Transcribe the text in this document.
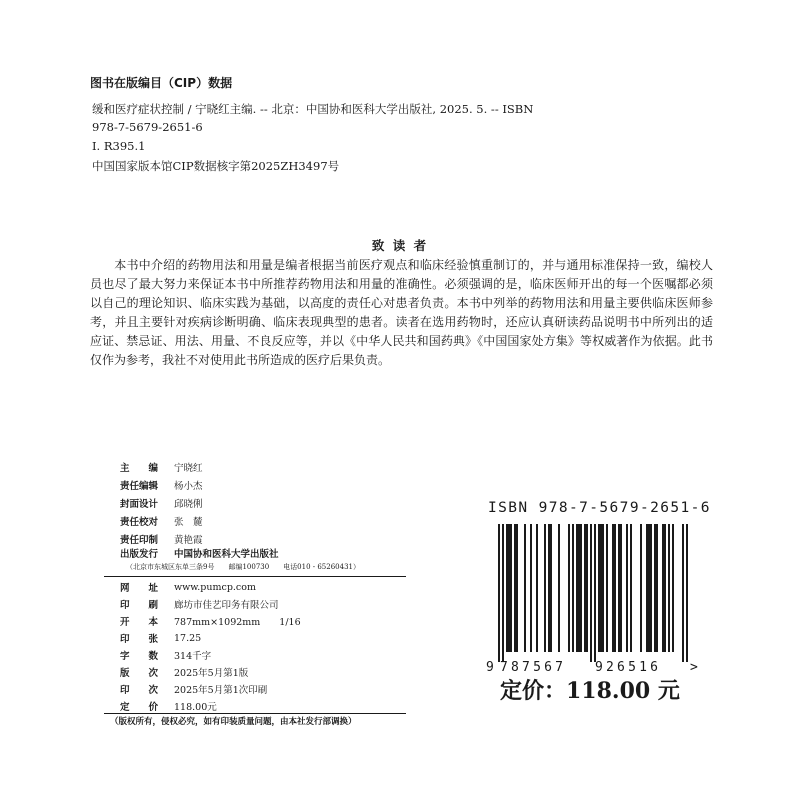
图书在版编目（CIP）数据
缓和医疗症状控制 / 宁晓红主编. -- 北京：中国协和医科大学出版社, 2025. 5. -- ISBN
978-7-5679-2651-6
Ⅰ. R395.1
中国国家版本馆CIP数据核字第2025ZH3497号
致 读 者
本书中介绍的药物用法和用量是编者根据当前医疗观点和临床经验慎重制订的，并与通用标准保持一致，编校人员也尽了最大努力来保证本书中所推荐药物用法和用量的准确性。必须强调的是，临床医师开出的每一个医嘱都必须以自己的理论知识、临床实践为基础，以高度的责任心对患者负责。本书中列举的药物用法和用量主要供临床医师参考，并且主要针对疾病诊断明确、临床表现典型的患者。读者在选用药物时，还应认真研读药品说明书中所列出的适应证、禁忌证、用法、用量、不良反应等，并以《中华人民共和国药典》《中国国家处方集》等权威著作为依据。此书仅作为参考，我社不对使用此书所造成的医疗后果负责。
主　　编	宁晓红
责任编辑	杨小杰
封面设计	邱晓俐
责任校对	张　麓
责任印制	黄艳霞
出版发行	中国协和医科大学出版社
（北京市东城区东单三条9号　　邮编100730　　电话010 - 65260431）
网　　址	www.pumcp.com
印　　刷	廊坊市佳艺印务有限公司
开　　本	787mm×1092mm　　1/16
印　　张	17.25
字　　数	314千字
版　　次	2025年5月第1版
印　　次	2025年5月第1次印刷
定　　价	118.00元
（版权所有，侵权必究，如有印装质量问题，由本社发行部调换）
ISBN 978-7-5679-2651-6
9 787567 926516 >
定价：118.00 元
